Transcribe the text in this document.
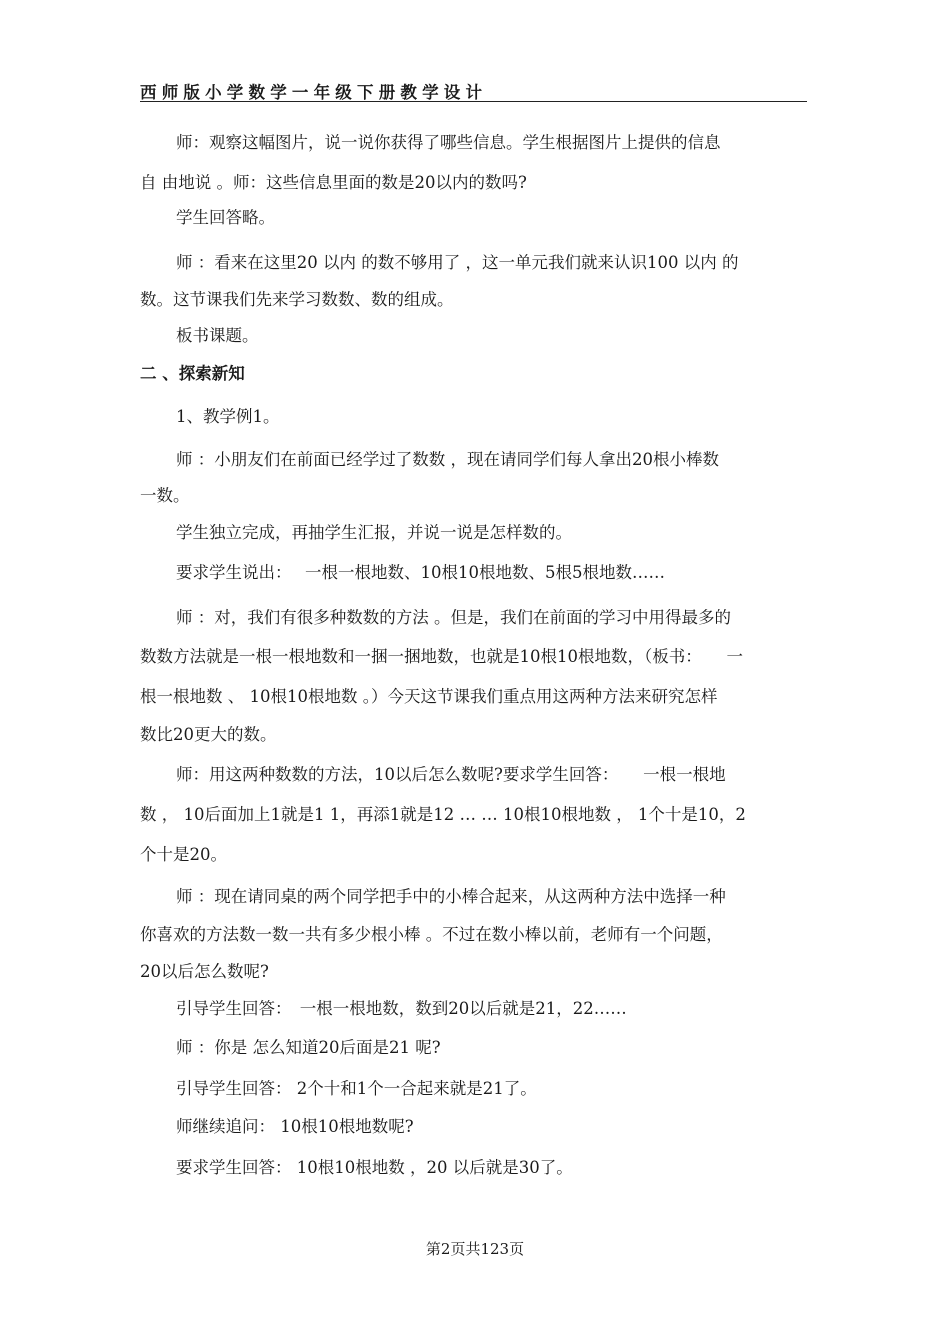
西师版小学数学一年级下册教学设计
师：观察这幅图片，说一说你获得了哪些信息。学生根据图片上提供的信息
自 由地说 。师：这些信息里面的数是20以内的数吗?
学生回答略。
师 ：看来在这里20 以内 的数不够用了 ，这一单元我们就来认识100 以内 的
数。这节课我们先来学习数数、数的组成。
板书课题。
二 、探索新知
1、教学例1。
师 ：小朋友们在前面已经学过了数数 ，现在请同学们每人拿出20根小棒数
一数。
学生独立完成，再抽学生汇报，并说一说是怎样数的。
要求学生说出：　 一根一根地数、10根10根地数、5根5根地数……
师 ：对，我们有很多种数数的方法 。但是，我们在前面的学习中用得最多的
数数方法就是一根一根地数和一捆一捆地数，也就是10根10根地数，（板书：　　一
根一根地数 、 10根10根地数 。）今天这节课我们重点用这两种方法来研究怎样
数比20更大的数。
师：用这两种数数的方法，10以后怎么数呢?要求学生回答：　　一根一根地
数 ， 10后面加上1就是1 1，再添1就是12 … … 10根10根地数 ， 1个十是10，2
个十是20。
师 ：现在请同桌的两个同学把手中的小棒合起来，从这两种方法中选择一种
你喜欢的方法数一数一共有多少根小棒 。不过在数小棒以前，老师有一个问题，
20以后怎么数呢?
引导学生回答：　一根一根地数，数到20以后就是21，22……
师 ：你是 怎么知道20后面是21 呢?
引导学生回答： 2个十和1个一合起来就是21了。
师继续追问： 10根10根地数呢?
要求学生回答： 10根10根地数 ，20 以后就是30了。
第2页共123页
